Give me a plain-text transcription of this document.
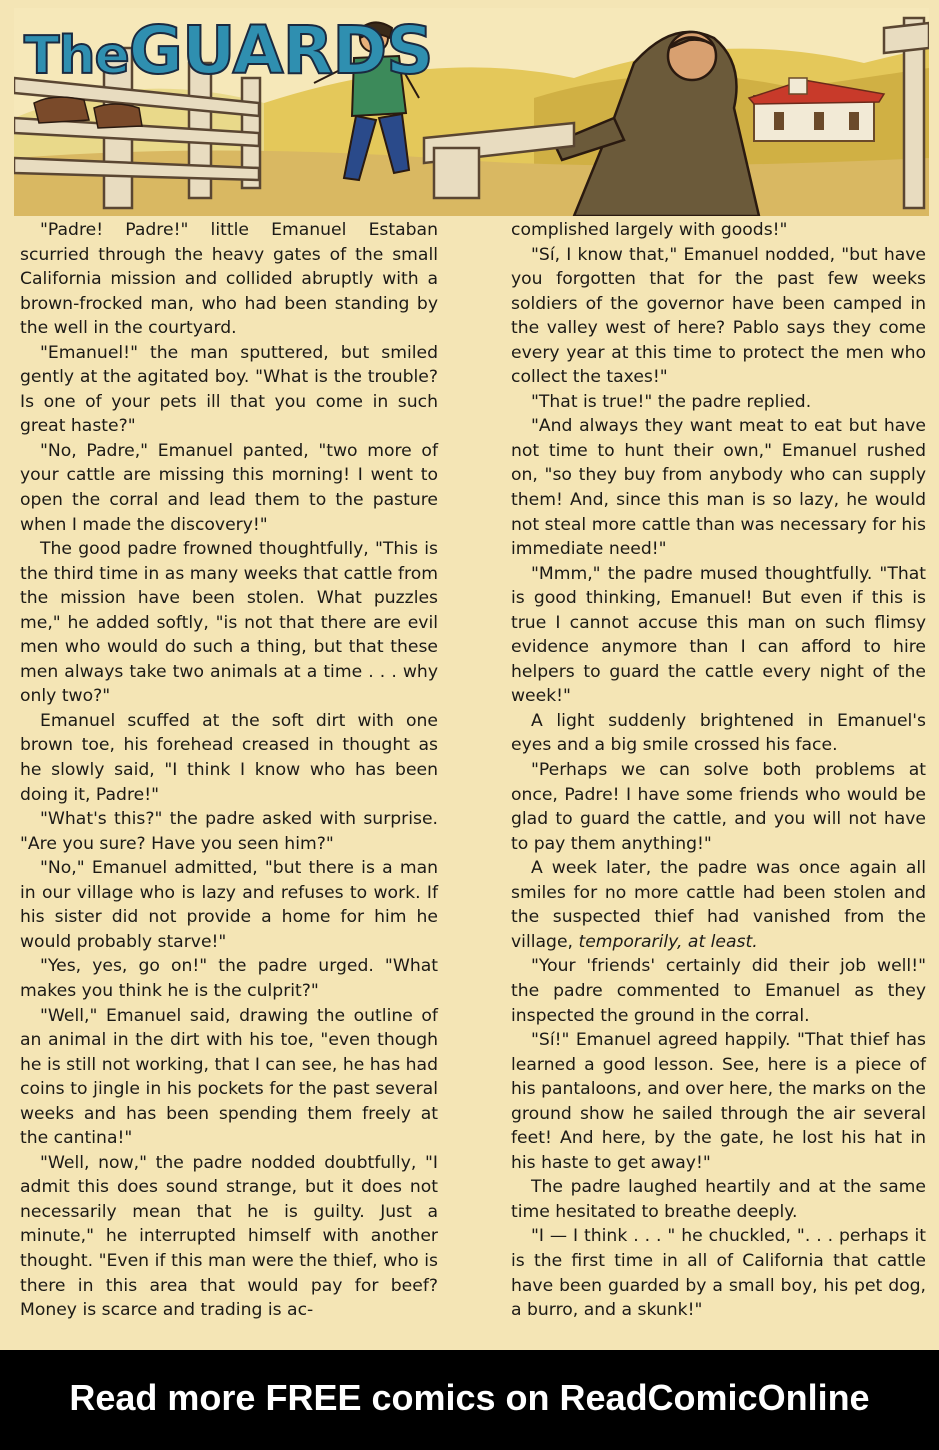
TheGUARDS

"Padre! Padre!" little Emanuel Estaban scurried through the heavy gates of the small California mission and collided abruptly with a brown-frocked man, who had been standing by the well in the courtyard.

"Emanuel!" the man sputtered, but smiled gently at the agitated boy. "What is the trouble? Is one of your pets ill that you come in such great haste?"

"No, Padre," Emanuel panted, "two more of your cattle are missing this morning! I went to open the corral and lead them to the pasture when I made the discovery!"

The good padre frowned thoughtfully, "This is the third time in as many weeks that cattle from the mission have been stolen. What puzzles me," he added softly, "is not that there are evil men who would do such a thing, but that these men always take two animals at a time . . . why only two?"

Emanuel scuffed at the soft dirt with one brown toe, his forehead creased in thought as he slowly said, "I think I know who has been doing it, Padre!"

"What's this?" the padre asked with surprise. "Are you sure? Have you seen him?"

"No," Emanuel admitted, "but there is a man in our village who is lazy and refuses to work. If his sister did not provide a home for him he would probably starve!"

"Yes, yes, go on!" the padre urged. "What makes you think he is the culprit?"

"Well," Emanuel said, drawing the outline of an animal in the dirt with his toe, "even though he is still not working, that I can see, he has had coins to jingle in his pockets for the past several weeks and has been spending them freely at the cantina!"

"Well, now," the padre nodded doubtfully, "I admit this does sound strange, but it does not necessarily mean that he is guilty. Just a minute," he interrupted himself with another thought. "Even if this man were the thief, who is there in this area that would pay for beef? Money is scarce and trading is ac-

complished largely with goods!"

"Sí, I know that," Emanuel nodded, "but have you forgotten that for the past few weeks soldiers of the governor have been camped in the valley west of here? Pablo says they come every year at this time to protect the men who collect the taxes!"

"That is true!" the padre replied.

"And always they want meat to eat but have not time to hunt their own," Emanuel rushed on, "so they buy from anybody who can supply them! And, since this man is so lazy, he would not steal more cattle than was necessary for his immediate need!"

"Mmm," the padre mused thoughtfully. "That is good thinking, Emanuel! But even if this is true I cannot accuse this man on such flimsy evidence anymore than I can afford to hire helpers to guard the cattle every night of the week!"

A light suddenly brightened in Emanuel's eyes and a big smile crossed his face.

"Perhaps we can solve both problems at once, Padre! I have some friends who would be glad to guard the cattle, and you will not have to pay them anything!"

A week later, the padre was once again all smiles for no more cattle had been stolen and the suspected thief had vanished from the village, temporarily, at least.

"Your 'friends' certainly did their job well!" the padre commented to Emanuel as they inspected the ground in the corral.

"Sí!" Emanuel agreed happily. "That thief has learned a good lesson. See, here is a piece of his pantaloons, and over here, the marks on the ground show he sailed through the air several feet! And here, by the gate, he lost his hat in his haste to get away!"

The padre laughed heartily and at the same time hesitated to breathe deeply.

"I — I think . . . " he chuckled, ". . . perhaps it is the first time in all of California that cattle have been guarded by a small boy, his pet dog, a burro, and a skunk!"

Read more FREE comics on ReadComicOnline
